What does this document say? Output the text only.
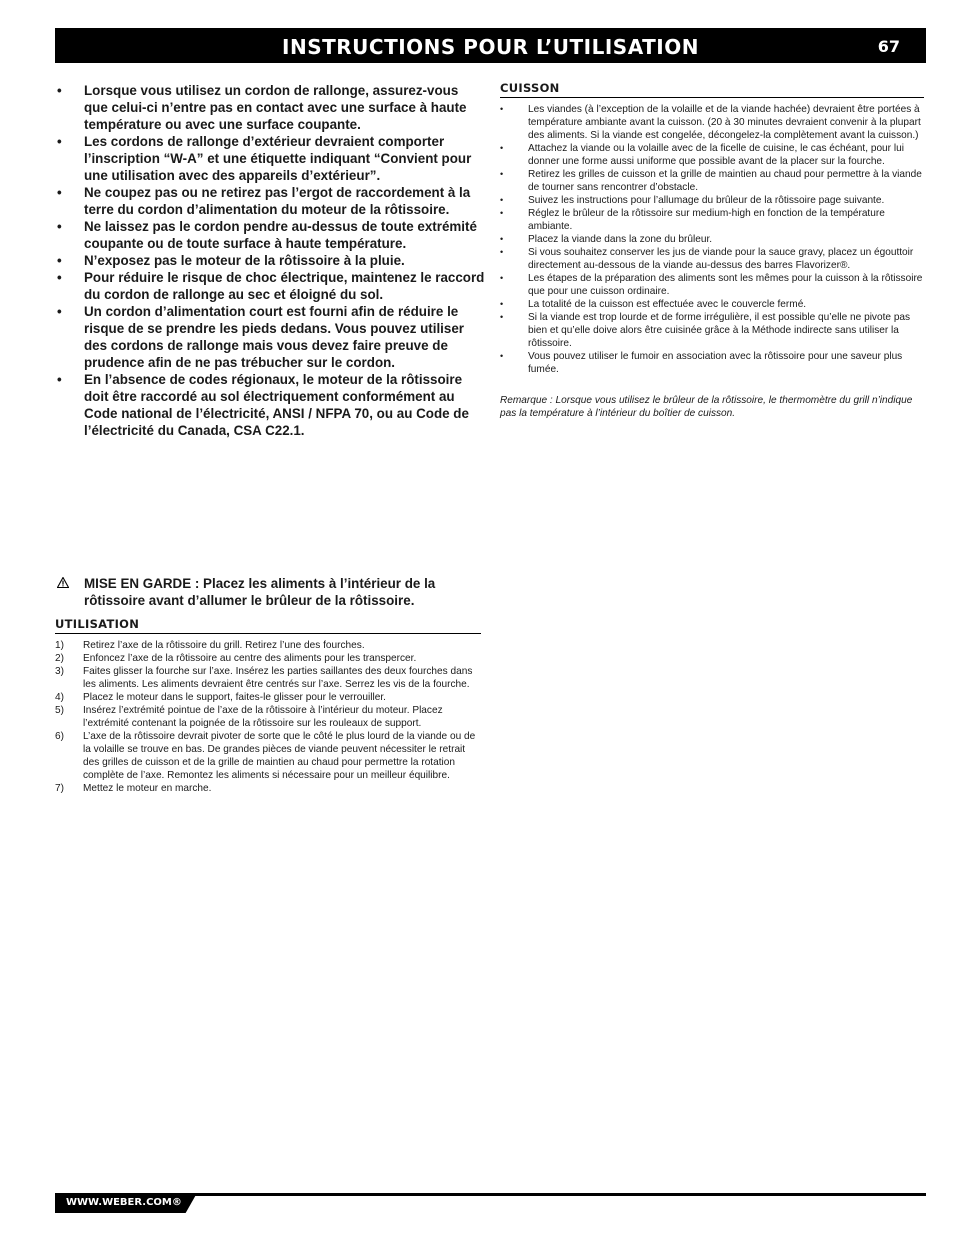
INSTRUCTIONS POUR L’UTILISATION	67
• Lorsque vous utilisez un cordon de rallonge, assurez-vous que celui-ci n’entre pas en contact avec une surface à haute température ou avec une surface coupante.
• Les cordons de rallonge d’extérieur devraient comporter l’inscription “W-A” et une étiquette indiquant “Convient pour une utilisation avec des appareils d’extérieur”.
• Ne coupez pas ou ne retirez pas l’ergot de raccordement à la terre du cordon d’alimentation du moteur de la rôtissoire.
• Ne laissez pas le cordon pendre au-dessus de toute extrémité coupante ou de toute surface à haute température.
• N’exposez pas le moteur de la rôtissoire à la pluie.
• Pour réduire le risque de choc électrique, maintenez le raccord du cordon de rallonge au sec et éloigné du sol.
• Un cordon d’alimentation court est fourni afin de réduire le risque de se prendre les pieds dedans. Vous pouvez utiliser des cordons de rallonge mais vous devez faire preuve de prudence afin de ne pas trébucher sur le cordon.
• En l’absence de codes régionaux, le moteur de la rôtissoire doit être raccordé au sol électriquement conformément au Code national de l’électricité, ANSI / NFPA 70, ou au Code de l’électricité du Canada, CSA C22.1.
MISE EN GARDE : Placez les aliments à l’intérieur de la rôtissoire avant d’allumer le brûleur de la rôtissoire.
UTILISATION
1) Retirez l’axe de la rôtissoire du grill. Retirez l’une des fourches.
2) Enfoncez l’axe de la rôtissoire au centre des aliments pour les transpercer.
3) Faites glisser la fourche sur l’axe. Insérez les parties saillantes des deux fourches dans les aliments. Les aliments devraient être centrés sur l’axe. Serrez les vis de la fourche.
4) Placez le moteur dans le support, faites-le glisser pour le verrouiller.
5) Insérez l’extrémité pointue de l’axe de la rôtissoire à l’intérieur du moteur. Placez l’extrémité contenant la poignée de la rôtissoire sur les rouleaux de support.
6) L’axe de la rôtissoire devrait pivoter de sorte que le côté le plus lourd de la viande ou de la volaille se trouve en bas. De grandes pièces de viande peuvent nécessiter le retrait des grilles de cuisson et de la grille de maintien au chaud pour permettre la rotation complète de l’axe. Remontez les aliments si nécessaire pour un meilleur équilibre.
7) Mettez le moteur en marche.
CUISSON
• Les viandes (à l’exception de la volaille et de la viande hachée) devraient être portées à température ambiante avant la cuisson. (20 à 30 minutes devraient convenir à la plupart des aliments. Si la viande est congelée, décongelez-la complètement avant la cuisson.)
• Attachez la viande ou la volaille avec de la ficelle de cuisine, le cas échéant, pour lui donner une forme aussi uniforme que possible avant de la placer sur la fourche.
• Retirez les grilles de cuisson et la grille de maintien au chaud pour permettre à la viande de tourner sans rencontrer d’obstacle.
• Suivez les instructions pour l’allumage du brûleur de la rôtissoire page suivante.
• Réglez le brûleur de la rôtissoire sur medium-high en fonction de la température ambiante.
• Placez la viande dans la zone du brûleur.
• Si vous souhaitez conserver les jus de viande pour la sauce gravy, placez un égouttoir directement au-dessous de la viande au-dessus des barres Flavorizer®.
• Les étapes de la préparation des aliments sont les mêmes pour la cuisson à la rôtissoire que pour une cuisson ordinaire.
• La totalité de la cuisson est effectuée avec le couvercle fermé.
• Si la viande est trop lourde et de forme irrégulière, il est possible qu’elle ne pivote pas bien et qu’elle doive alors être cuisinée grâce à la Méthode indirecte sans utiliser la rôtissoire.
• Vous pouvez utiliser le fumoir en association avec la rôtissoire pour une saveur plus fumée.
Remarque : Lorsque vous utilisez le brûleur de la rôtissoire, le thermomètre du grill n’indique pas la température à l’intérieur du boîtier de cuisson.
WWW.WEBER.COM®
